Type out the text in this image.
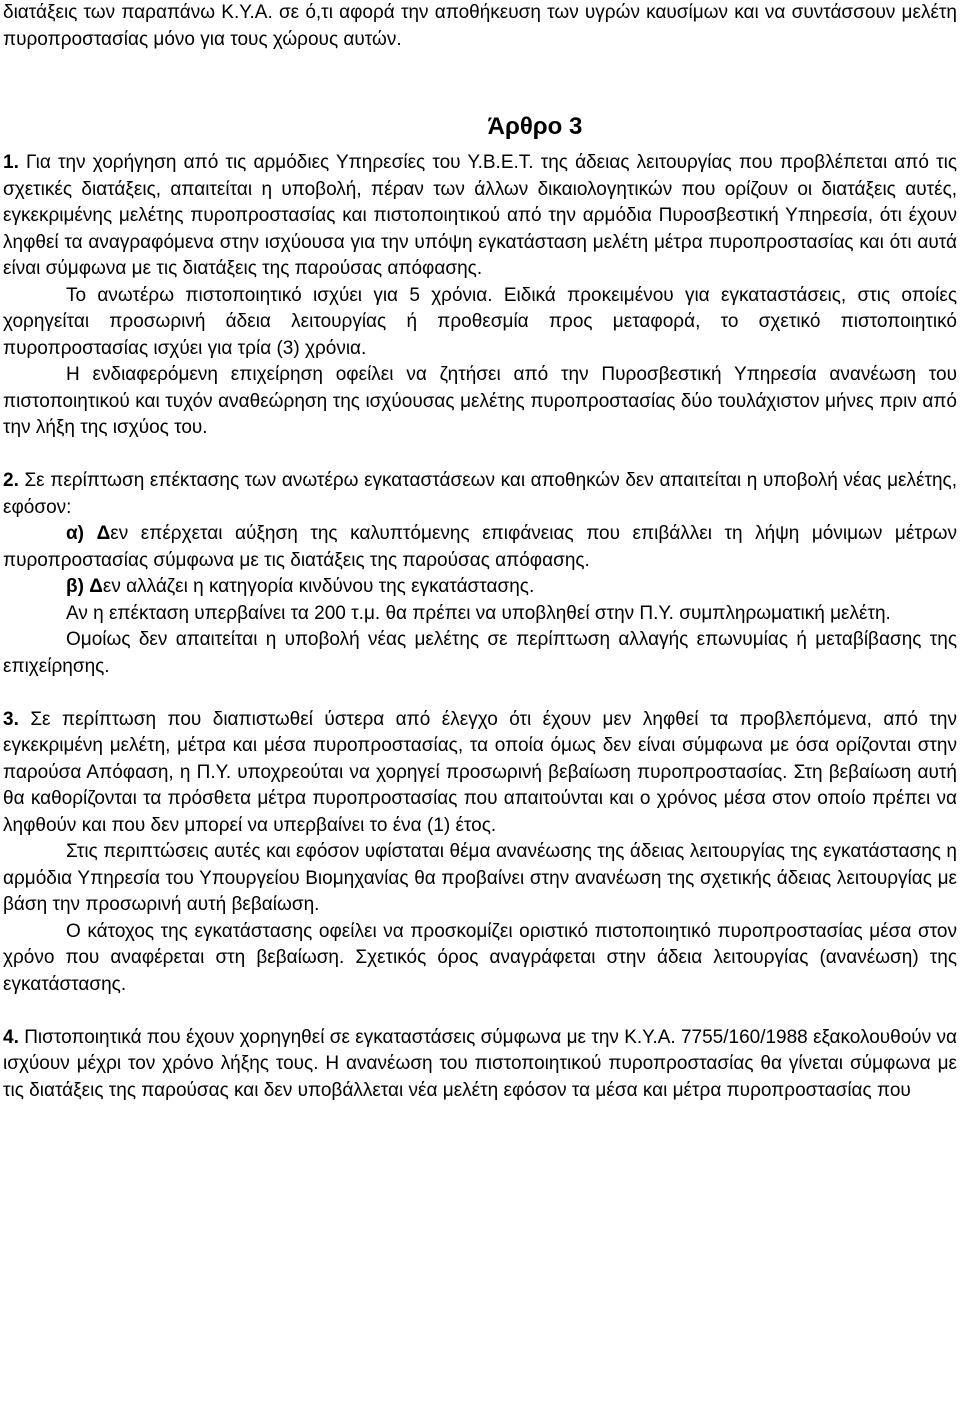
διατάξεις των παραπάνω Κ.Υ.Α. σε ό,τι αφορά την αποθήκευση των υγρών καυσίμων και να συντάσσουν μελέτη πυροπροστασίας μόνο για τους χώρους αυτών.

Άρθρο 3

1. Για την χορήγηση από τις αρμόδιες Υπηρεσίες του Υ.Β.Ε.Τ. της άδειας λειτουργίας που προβλέπεται από τις σχετικές διατάξεις, απαιτείται η υποβολή, πέραν των άλλων δικαιολογητικών που ορίζουν οι διατάξεις αυτές, εγκεκριμένης μελέτης πυροπροστασίας και πιστοποιητικού από την αρμόδια Πυροσβεστική Υπηρεσία, ότι έχουν ληφθεί τα αναγραφόμενα στην ισχύουσα για την υπόψη εγκατάσταση μελέτη μέτρα πυροπροστασίας και ότι αυτά είναι σύμφωνα με τις διατάξεις της παρούσας απόφασης.

Το ανωτέρω πιστοποιητικό ισχύει για 5 χρόνια. Ειδικά προκειμένου για εγκαταστάσεις, στις οποίες χορηγείται προσωρινή άδεια λειτουργίας ή προθεσμία προς μεταφορά, το σχετικό πιστοποιητικό πυροπροστασίας ισχύει για τρία (3) χρόνια.

Η ενδιαφερόμενη επιχείρηση οφείλει να ζητήσει από την Πυροσβεστική Υπηρεσία ανανέωση του πιστοποιητικού και τυχόν αναθεώρηση της ισχύουσας μελέτης πυροπροστασίας δύο τουλάχιστον μήνες πριν από την λήξη της ισχύος του.

2. Σε περίπτωση επέκτασης των ανωτέρω εγκαταστάσεων και αποθηκών δεν απαιτείται η υποβολή νέας μελέτης, εφόσον:

α) Δεν επέρχεται αύξηση της καλυπτόμενης επιφάνειας που επιβάλλει τη λήψη μόνιμων μέτρων πυροπροστασίας σύμφωνα με τις διατάξεις της παρούσας απόφασης.

β) Δεν αλλάζει η κατηγορία κινδύνου της εγκατάστασης.

Αν η επέκταση υπερβαίνει τα 200 τ.μ. θα πρέπει να υποβληθεί στην Π.Υ. συμπληρωματική μελέτη.

Ομοίως δεν απαιτείται η υποβολή νέας μελέτης σε περίπτωση αλλαγής επωνυμίας ή μεταβίβασης της επιχείρησης.

3. Σε περίπτωση που διαπιστωθεί ύστερα από έλεγχο ότι έχουν μεν ληφθεί τα προβλεπόμενα, από την εγκεκριμένη μελέτη, μέτρα και μέσα πυροπροστασίας, τα οποία όμως δεν είναι σύμφωνα με όσα ορίζονται στην παρούσα Απόφαση, η Π.Υ. υποχρεούται να χορηγεί προσωρινή βεβαίωση πυροπροστασίας. Στη βεβαίωση αυτή θα καθορίζονται τα πρόσθετα μέτρα πυροπροστασίας που απαιτούνται και ο χρόνος μέσα στον οποίο πρέπει να ληφθούν και που δεν μπορεί να υπερβαίνει το ένα (1) έτος.

Στις περιπτώσεις αυτές και εφόσον υφίσταται θέμα ανανέωσης της άδειας λειτουργίας της εγκατάστασης η αρμόδια Υπηρεσία του Υπουργείου Βιομηχανίας θα προβαίνει στην ανανέωση της σχετικής άδειας λειτουργίας με βάση την προσωρινή αυτή βεβαίωση.

Ο κάτοχος της εγκατάστασης οφείλει να προσκομίζει οριστικό πιστοποιητικό πυροπροστασίας μέσα στον χρόνο που αναφέρεται στη βεβαίωση. Σχετικός όρος αναγράφεται στην άδεια λειτουργίας (ανανέωση) της εγκατάστασης.

4. Πιστοποιητικά που έχουν χορηγηθεί σε εγκαταστάσεις σύμφωνα με την Κ.Υ.Α. 7755/160/1988 εξακολουθούν να ισχύουν μέχρι τον χρόνο λήξης τους. Η ανανέωση του πιστοποιητικού πυροπροστασίας θα γίνεται σύμφωνα με τις διατάξεις της παρούσας και δεν υποβάλλεται νέα μελέτη εφόσον τα μέσα και μέτρα πυροπροστασίας που
